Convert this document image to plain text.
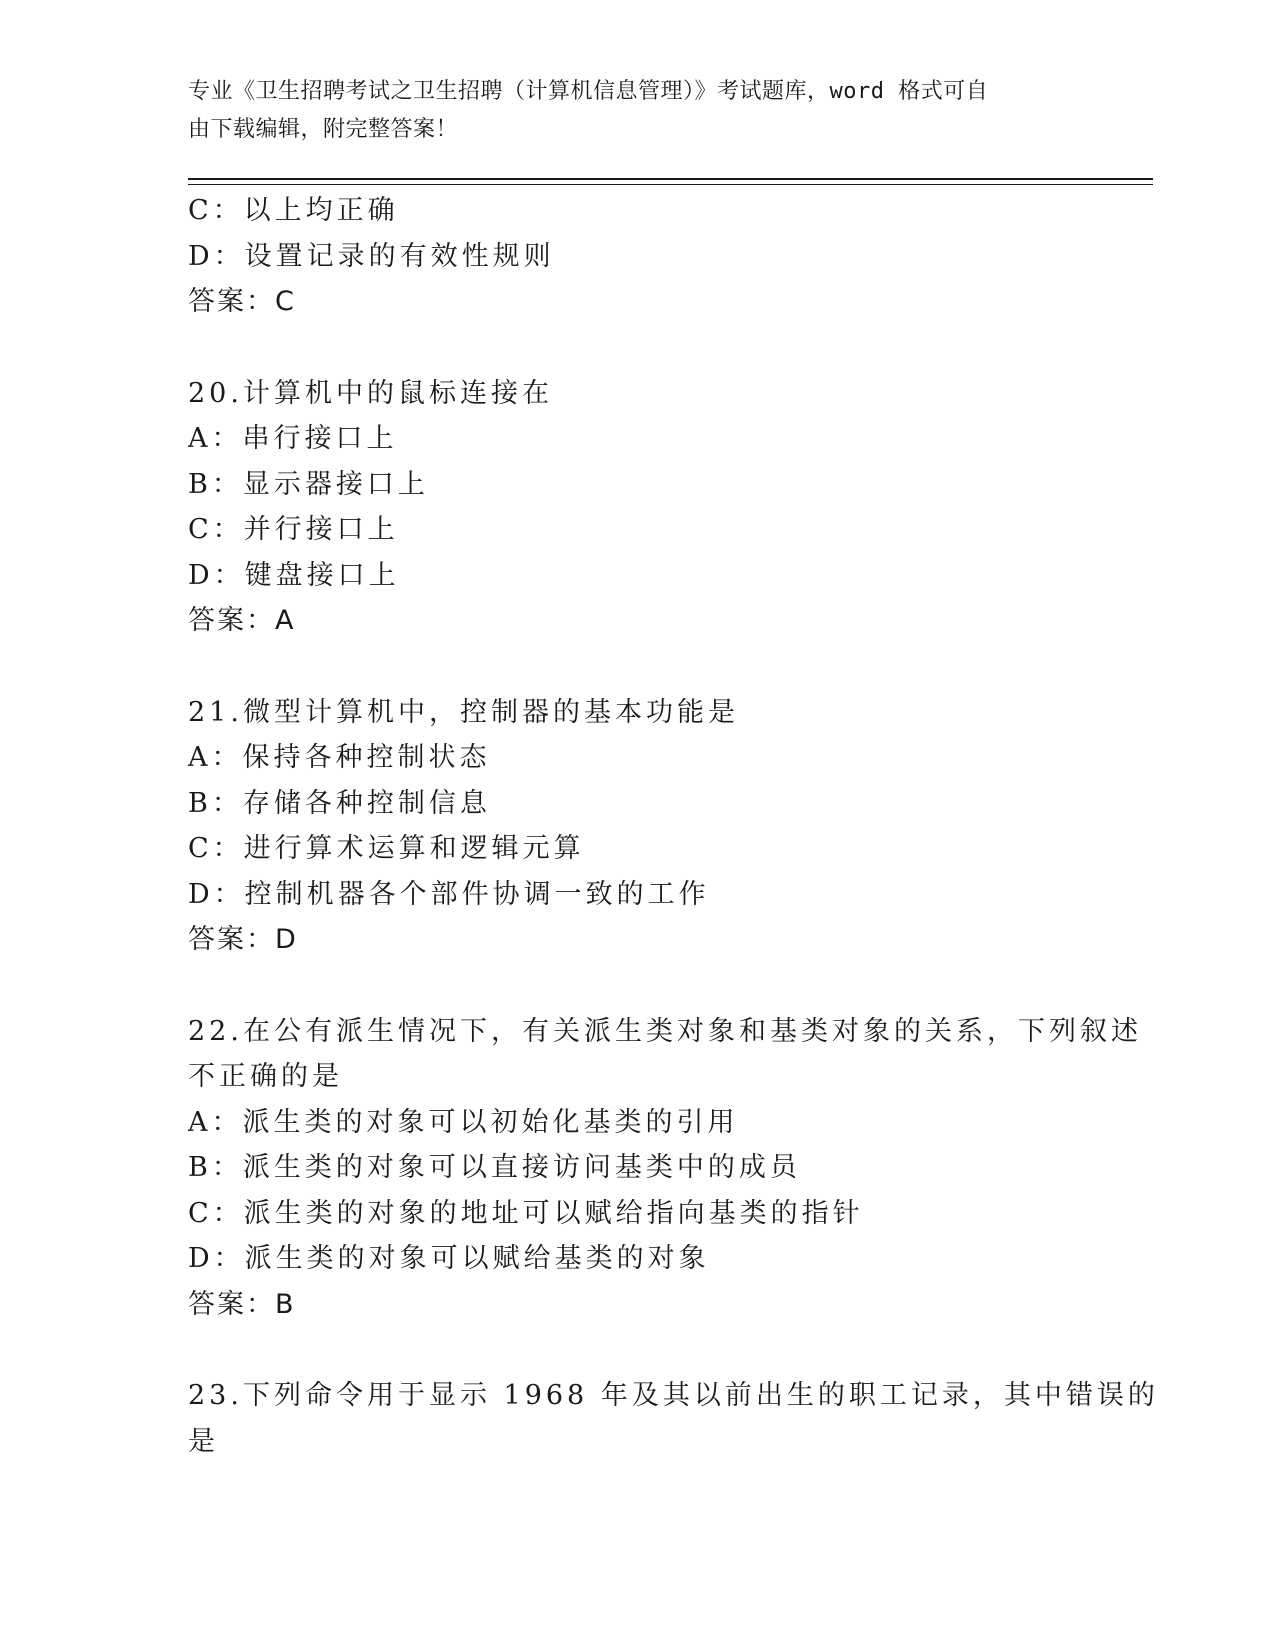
专业《卫生招聘考试之卫生招聘（计算机信息管理）》考试题库，word 格式可自
由下载编辑，附完整答案！
C：以上均正确
D：设置记录的有效性规则
答案：C
20.计算机中的鼠标连接在
A：串行接口上
B：显示器接口上
C：并行接口上
D：键盘接口上
答案：A
21.微型计算机中，控制器的基本功能是
A：保持各种控制状态
B：存储各种控制信息
C：进行算术运算和逻辑元算
D：控制机器各个部件协调一致的工作
答案：D
22.在公有派生情况下，有关派生类对象和基类对象的关系，下列叙述
不正确的是
A：派生类的对象可以初始化基类的引用
B：派生类的对象可以直接访问基类中的成员
C：派生类的对象的地址可以赋给指向基类的指针
D：派生类的对象可以赋给基类的对象
答案：B
23.下列命令用于显示 1968 年及其以前出生的职工记录，其中错误的
是
